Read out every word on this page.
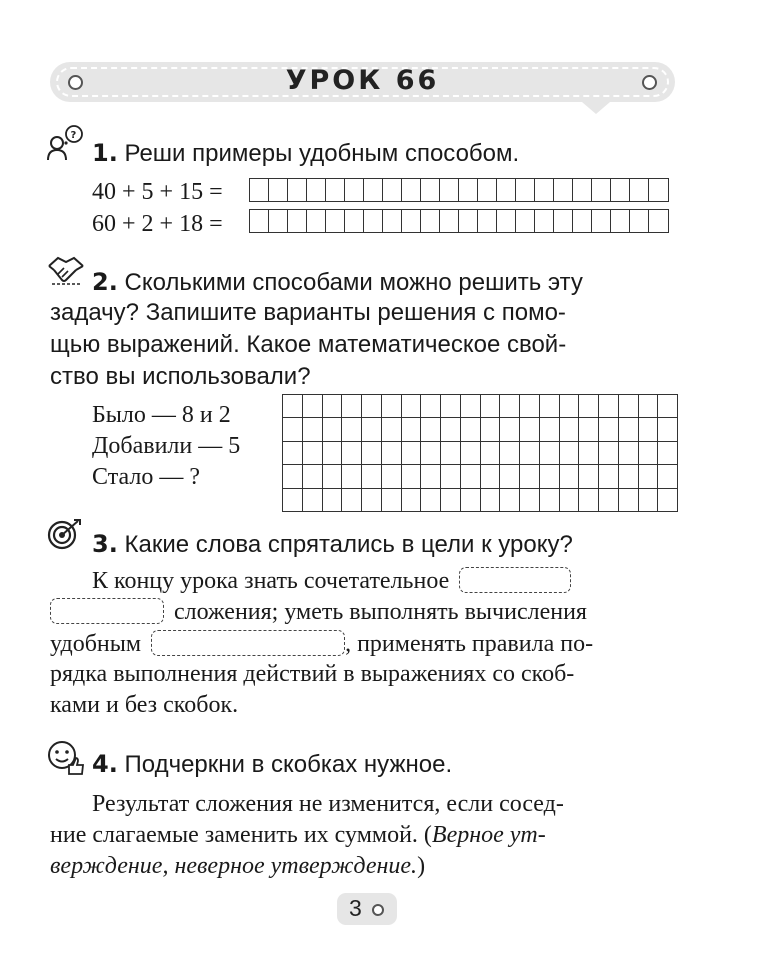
УРОК 66
?
1. Реши примеры удобным способом.
40 + 5 + 15 =
60 + 2 + 18 =
2. Сколькими способами можно решить эту
задачу? Запишите варианты решения с помо-
щью выражений. Какое математическое свой-
ство вы использовали?
Было — 8 и 2
Добавили — 5
Стало — ?
3. Какие слова спрятались в цели к уроку?
К концу урока знать сочетательное
сложения; уметь выполнять вычисления
удобным	, применять правила по-
рядка выполнения действий в выражениях со скоб-
ками и без скобок.
4. Подчеркни в скобках нужное.
Результат сложения не изменится, если сосед-
ние слагаемые заменить их суммой. (Верное ут-
верждение, неверное утверждение.)
3
